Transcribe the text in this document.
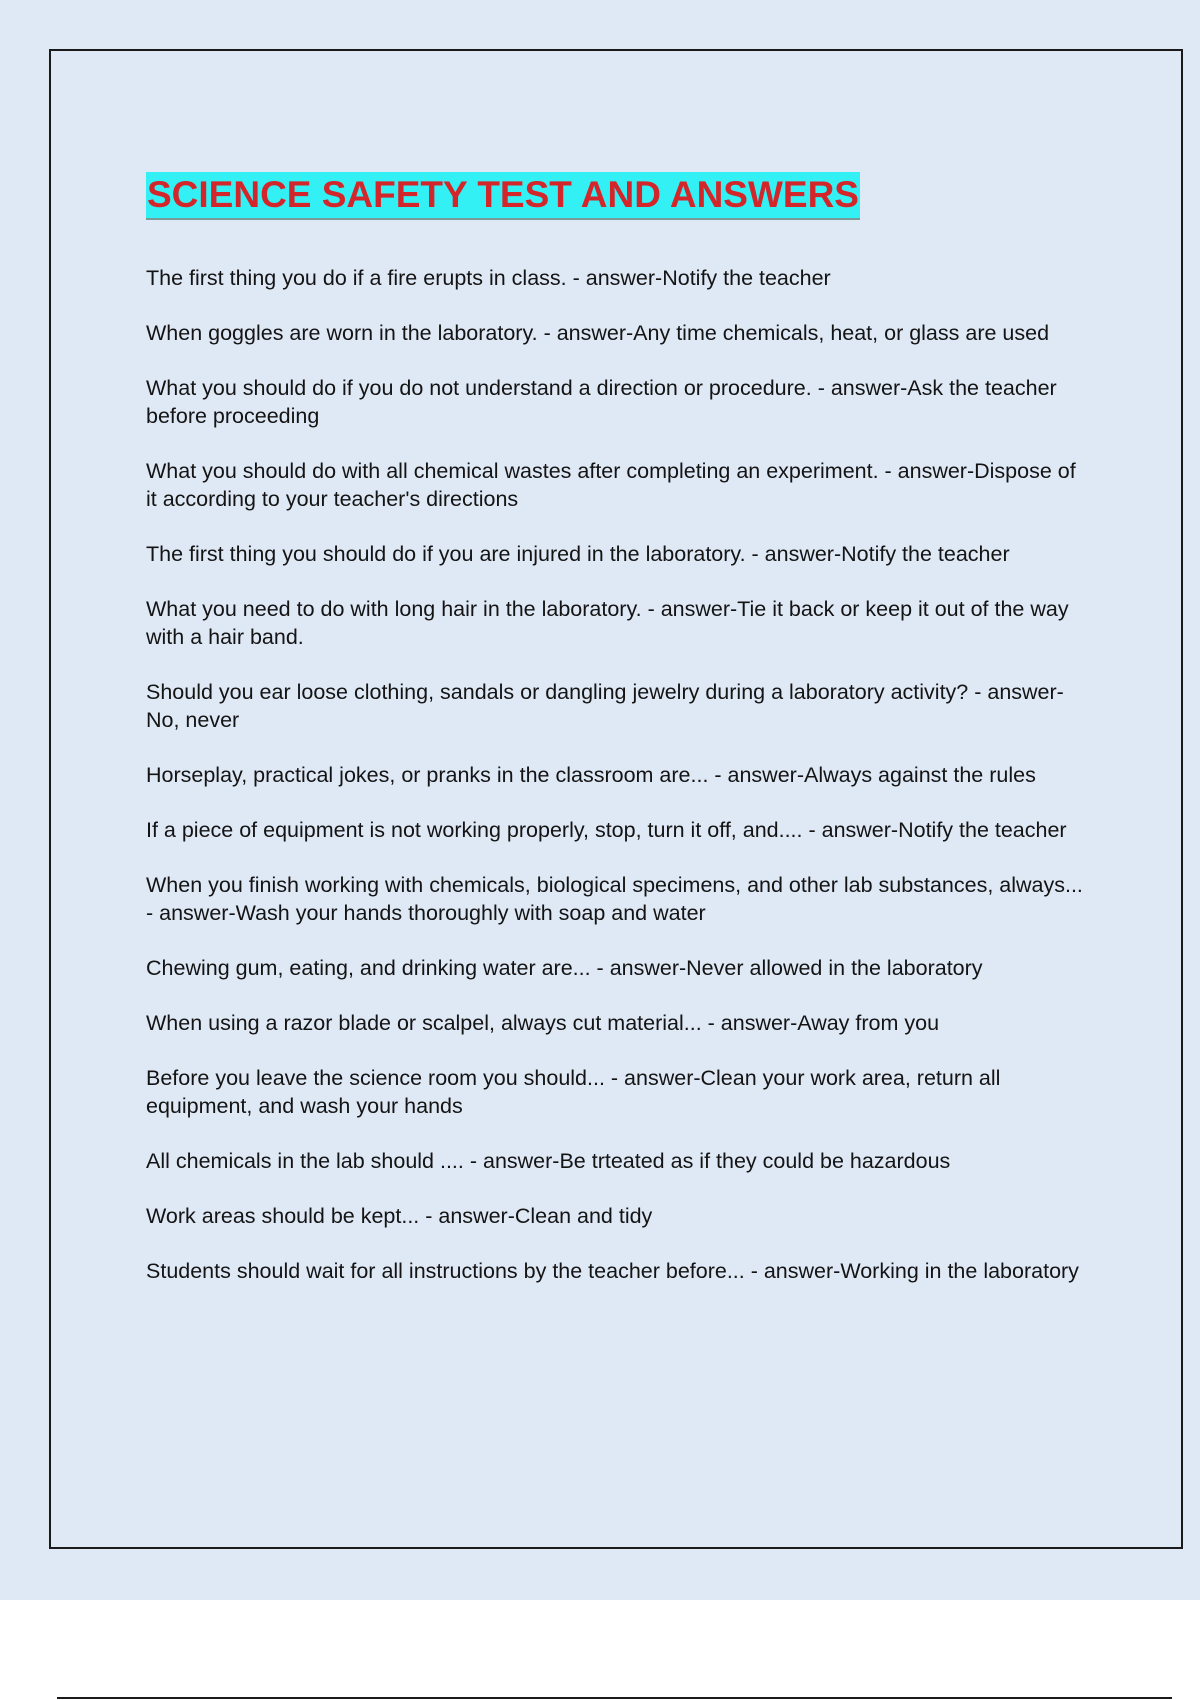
SCIENCE SAFETY TEST AND ANSWERS
The first thing you do if a fire erupts in class. - answer-Notify the teacher
When goggles are worn in the laboratory. - answer-Any time chemicals, heat, or glass are used
What you should do if you do not understand a direction or procedure. - answer-Ask the teacher before proceeding
What you should do with all chemical wastes after completing an experiment. - answer-Dispose of it according to your teacher's directions
The first thing you should do if you are injured in the laboratory. - answer-Notify the teacher
What you need to do with long hair in the laboratory. - answer-Tie it back or keep it out of the way with a hair band.
Should you ear loose clothing, sandals or dangling jewelry during a laboratory activity? - answer-No, never
Horseplay, practical jokes, or pranks in the classroom are... - answer-Always against the rules
If a piece of equipment is not working properly, stop, turn it off, and.... - answer-Notify the teacher
When you finish working with chemicals, biological specimens, and other lab substances, always... - answer-Wash your hands thoroughly with soap and water
Chewing gum, eating, and drinking water are... - answer-Never allowed in the laboratory
When using a razor blade or scalpel, always cut material... - answer-Away from you
Before you leave the science room you should... - answer-Clean your work area, return all equipment, and wash your hands
All chemicals in the lab should .... - answer-Be trteated as if they could be hazardous
Work areas should be kept... - answer-Clean and tidy
Students should wait for all instructions by the teacher before... - answer-Working in the laboratory
